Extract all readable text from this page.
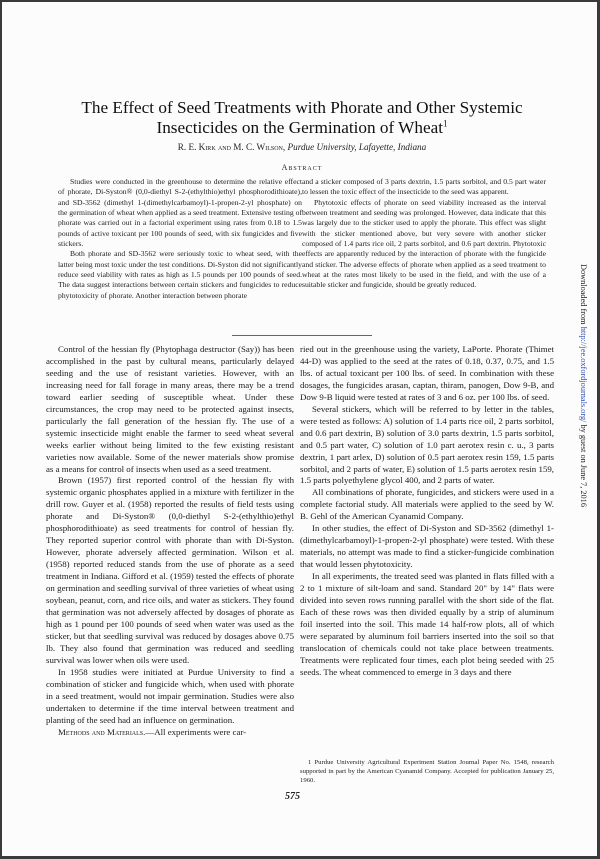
The Effect of Seed Treatments with Phorate and Other Systemic
Insecticides on the Germination of Wheat$^1$
R. E. Kirk and M. C. Wilson, Purdue University, Lafayette, Indiana
Abstract

Studies were conducted in the greenhouse to determine the relative effect of phorate, Di-Syston® (0,0-diethyl S-2-(ethylthio)ethyl phosphorodithioate), and SD-3562 (dimethyl 1-(dimethylcarbamoyl)-1-propen-2-yl phosphate) on the germination of wheat when applied as a seed treatment. Extensive testing of phorate was carried out in a factorial experiment using rates from 0.18 to 1.5 pounds of active toxicant per 100 pounds of seed, with six fungicides and five stickers.

Both phorate and SD-3562 were seriously toxic to wheat seed, with the latter being most toxic under the test conditions. Di-Syston did not significantly reduce seed viability with rates as high as 1.5 pounds per 100 pounds of seed. The data suggest interactions between certain stickers and fungicides to reduce phytotoxicity of phorate. Another interaction between phorate

and a sticker composed of 3 parts dextrin, 1.5 parts sorbitol, and 0.5 part water to lessen the toxic effect of the insecticide to the seed was apparent.

Phytotoxic effects of phorate on seed viability increased as the interval between treatment and seeding was prolonged. However, data indicate that this was largely due to the sticker used to apply the phorate. This effect was slight with the sticker mentioned above, but very severe with another sticker composed of 1.4 parts rice oil, 2 parts sorbitol, and 0.6 part dextrin. Phytotoxic effects are apparently reduced by the interaction of phorate with the fungicide and sticker. The adverse effects of phorate when applied as a seed treatment to wheat at the rates most likely to be used in the field, and with the use of a suitable sticker and fungicide, should be greatly reduced.

Control of the hessian fly (Phytophaga destructor (Say)) has been accomplished in the past by cultural means, particularly delayed seeding and the use of resistant varieties. However, with an increasing need for fall forage in many areas, there may be a trend toward earlier seeding of susceptible wheat. Under these circumstances, the crop may need to be protected against insects, particularly the fall generation of the hessian fly. The use of a systemic insecticide might enable the farmer to seed wheat several weeks earlier without being limited to the few existing resistant varieties now available. Some of the newer materials show promise as a means for control of insects when used as a seed treatment.

Brown (1957) first reported control of the hessian fly with systemic organic phosphates applied in a mixture with fertilizer in the drill row. Guyer et al. (1958) reported the results of field tests using phorate and Di-Syston® (0,0-diethyl S-2-(ethylthio)ethyl phosphorodithioate) as seed treatments for control of hessian fly. They reported superior control with phorate than with Di-Syston. However, phorate adversely affected germination. Wilson et al. (1958) reported reduced stands from the use of phorate as a seed treatment in Indiana. Gifford et al. (1959) tested the effects of phorate on germination and seedling survival of three varieties of wheat using soybean, peanut, corn, and rice oils, and water as stickers. They found that germination was not adversely affected by dosages of phorate as high as 1 pound per 100 pounds of seed when water was used as the sticker, but that seedling survival was reduced by dosages above 0.75 lb. They also found that germination was reduced and seedling survival was lower when oils were used.

In 1958 studies were initiated at Purdue University to find a combination of sticker and fungicide which, when used with phorate in a seed treatment, would not impair germination. Studies were also undertaken to determine if the time interval between treatment and planting of the seed had an influence on germination.

Methods and Materials.—All experiments were car-

ried out in the greenhouse using the variety, LaPorte. Phorate (Thimet 44-D) was applied to the seed at the rates of 0.18, 0.37, 0.75, and 1.5 lbs. of actual toxicant per 100 lbs. of seed. In combination with these dosages, the fungicides arasan, captan, thiram, panogen, Dow 9-B, and Dow 9-B liquid were tested at rates of 3 and 6 oz. per 100 lbs. of seed.

Several stickers, which will be referred to by letter in the tables, were tested as follows: A) solution of 1.4 parts rice oil, 2 parts sorbitol, and 0.6 part dextrin, B) solution of 3.0 parts dextrin, 1.5 parts sorbitol, and 0.5 part water, C) solution of 1.0 part aerotex resin c. u., 3 parts dextrin, 1 part arlex, D) solution of 0.5 part aerotex resin 159, 1.5 parts sorbitol, and 2 parts of water, E) solution of 1.5 parts aerotex resin 159, 1.5 parts polyethylene glycol 400, and 2 parts of water.

All combinations of phorate, fungicides, and stickers were used in a complete factorial study. All materials were applied to the seed by W. B. Gehl of the American Cyanamid Company.

In other studies, the effect of Di-Syston and SD-3562 (dimethyl 1-(dimethylcarbamoyl)-1-propen-2-yl phosphate) were tested. With these materials, no attempt was made to find a sticker-fungicide combination that would lessen phytotoxicity.

In all experiments, the treated seed was planted in flats filled with a 2 to 1 mixture of silt-loam and sand. Standard 20" by 14" flats were divided into seven rows running parallel with the short side of the flat. Each of these rows was then divided equally by a strip of aluminum foil inserted into the soil. This made 14 half-row plots, all of which were separated by aluminum foil barriers inserted into the soil so that translocation of chemicals could not take place between treatments. Treatments were replicated four times, each plot being seeded with 25 seeds. The wheat commenced to emerge in 3 days and there

1 Purdue University Agricultural Experiment Station Journal Paper No. 1548, research supported in part by the American Cyanamid Company. Accepted for publication January 25, 1960.

575
Downloaded from http://jee.oxfordjournals.org/ by guest on June 7, 2016
